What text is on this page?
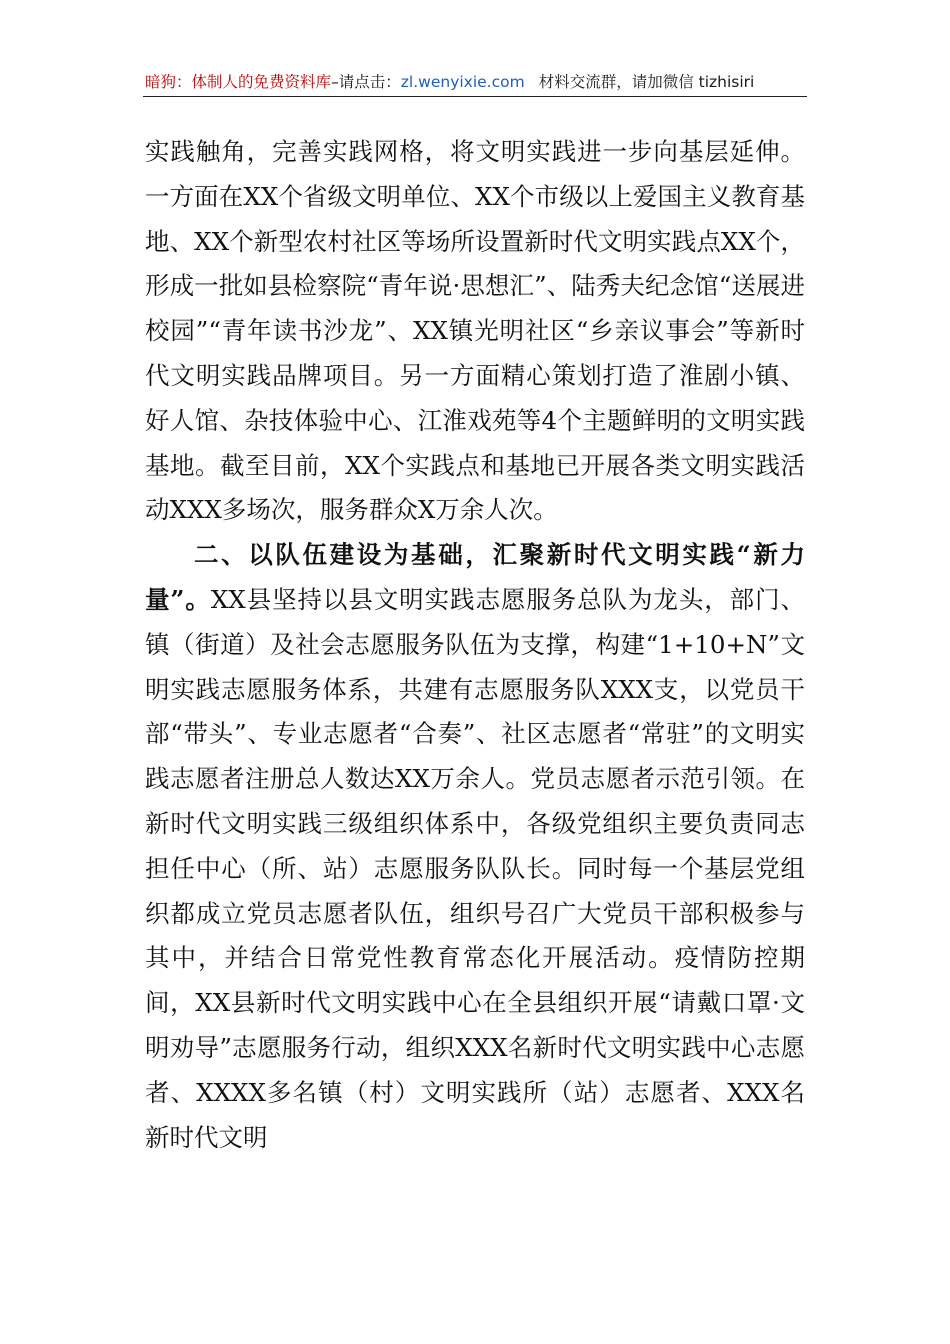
暗狗：体制人的免费资料库–请点击：zl.wenyixie.com 材料交流群，请加微信 tizhisiri

实践触角，完善实践网格，将文明实践进一步向基层延伸。一方面在XX个省级文明单位、XX个市级以上爱国主义教育基地、XX个新型农村社区等场所设置新时代文明实践点XX个，形成一批如县检察院“青年说·思想汇”、陆秀夫纪念馆“送展进校园”“青年读书沙龙”、XX镇光明社区“乡亲议事会”等新时代文明实践品牌项目。另一方面精心策划打造了淮剧小镇、好人馆、杂技体验中心、江淮戏苑等4个主题鲜明的文明实践基地。截至目前，XX个实践点和基地已开展各类文明实践活动XXX多场次，服务群众X万余人次。

二、以队伍建设为基础，汇聚新时代文明实践“新力量”。XX县坚持以县文明实践志愿服务总队为龙头，部门、镇（街道）及社会志愿服务队伍为支撑，构建“1+10+N”文明实践志愿服务体系，共建有志愿服务队XXX支，以党员干部“带头”、专业志愿者“合奏”、社区志愿者“常驻”的文明实践志愿者注册总人数达XX万余人。党员志愿者示范引领。在新时代文明实践三级组织体系中，各级党组织主要负责同志担任中心（所、站）志愿服务队队长。同时每一个基层党组织都成立党员志愿者队伍，组织号召广大党员干部积极参与其中，并结合日常党性教育常态化开展活动。疫情防控期间，XX县新时代文明实践中心在全县组织开展“请戴口罩·文明劝导”志愿服务行动，组织XXX名新时代文明实践中心志愿者、XXXX多名镇（村）文明实践所（站）志愿者、XXX名新时代文明
